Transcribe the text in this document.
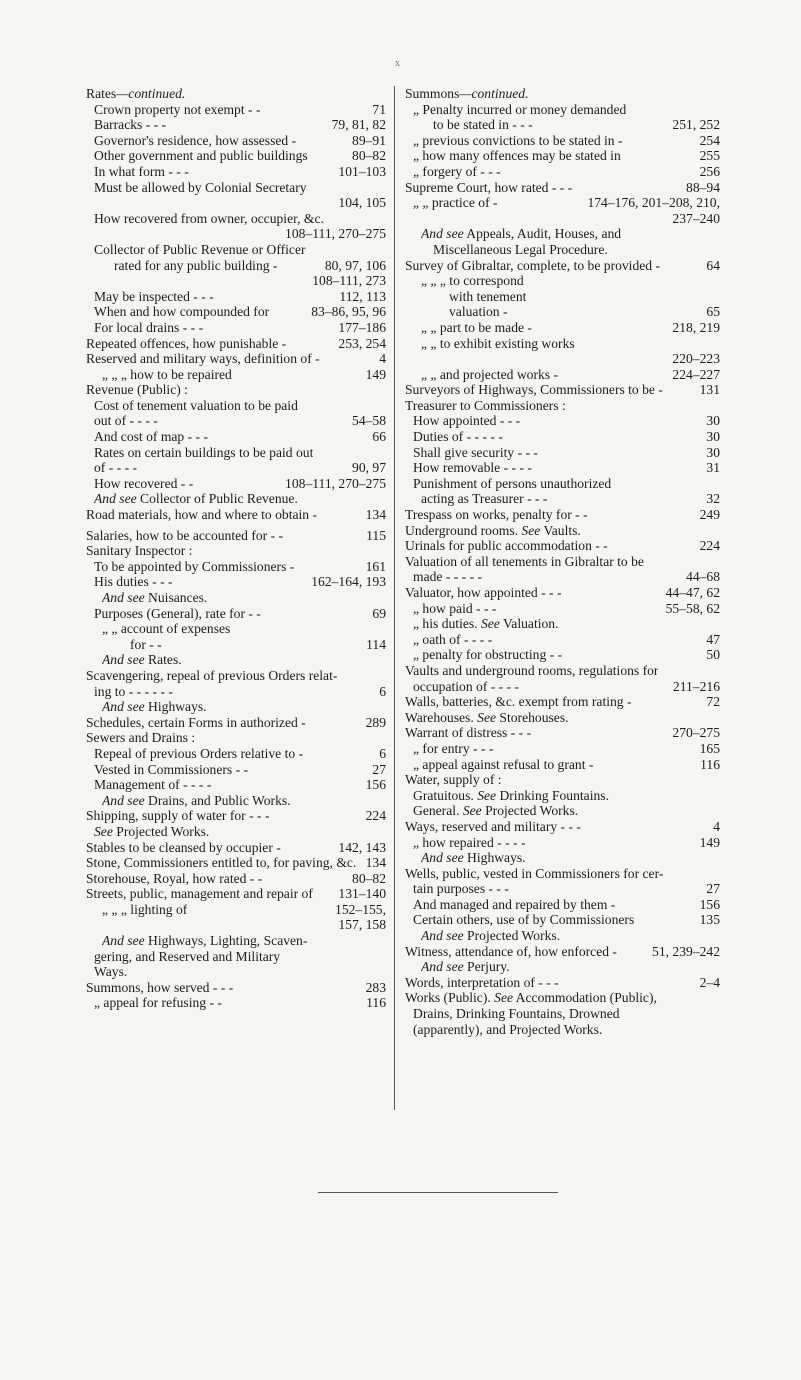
x
Rates—continued.
Crown property not exempt - -	71
Barracks - - -	79, 81, 82
Governor's residence, how assessed -	89–91
Other government and public buildings	80–82
In what form - - -	101–103
Must be allowed by Colonial Secretary
104, 105
How recovered from owner, occupier, &c.
108–111, 270–275
Collector of Public Revenue or Officer
rated for any public building -	80, 97, 106
108–111, 273
May be inspected - - -	112, 113
When and how compounded for	83–86, 95, 96
For local drains - - -	177–186
Repeated offences, how punishable -	253, 254
Reserved and military ways, definition of -	4
„ „ „ how to be repaired	149
Revenue (Public) :
Cost of tenement valuation to be paid
out of - - - -	54–58
And cost of map - - -	66
Rates on certain buildings to be paid out
of - - - -	90, 97
How recovered - -	108–111, 270–275
And see Collector of Public Revenue.
Road materials, how and where to obtain -	134
Salaries, how to be accounted for - -	115
Sanitary Inspector :
To be appointed by Commissioners -	161
His duties - - -	162–164, 193
And see Nuisances.
Purposes (General), rate for - -	69
„ „ account of expenses
for - -	114
And see Rates.
Scavengering, repeal of previous Orders relat-
ing to - - - - - -	6
And see Highways.
Schedules, certain Forms in authorized -	289
Sewers and Drains :
Repeal of previous Orders relative to -	6
Vested in Commissioners - -	27
Management of - - - -	156
And see Drains, and Public Works.
Shipping, supply of water for - - -	224
See Projected Works.
Stables to be cleansed by occupier -	142, 143
Stone, Commissioners entitled to, for paving, &c. 134
Storehouse, Royal, how rated - -	80–82
Streets, public, management and repair of 131–140
„ „ „ lighting of	152–155,
157, 158
And see Highways, Lighting, Scaven-
gering, and Reserved and Military
Ways.
Summons, how served - - -	283
„ appeal for refusing - -	116
Summons—continued.
„ Penalty incurred or money demanded
to be stated in - - -	251, 252
„ previous convictions to be stated in -	254
„ how many offences may be stated in	255
„ forgery of - - -	256
Supreme Court, how rated - - -	88–94
„ „ practice of -	174–176, 201–208, 210,
237–240
And see Appeals, Audit, Houses, and
Miscellaneous Legal Procedure.
Survey of Gibraltar, complete, to be provided -	64
„ „ „ to correspond
with tenement
valuation -	65
„ „ part to be made -	218, 219
„ „ to exhibit existing works
220–223
„ „ and projected works -	224–227
Surveyors of Highways, Commissioners to be -	131
Treasurer to Commissioners :
How appointed - - -	30
Duties of - - - - -	30
Shall give security - - -	30
How removable - - - -	31
Punishment of persons unauthorized
acting as Treasurer - - -	32
Trespass on works, penalty for - -	249
Underground rooms. See Vaults.
Urinals for public accommodation - -	224
Valuation of all tenements in Gibraltar to be
made - - - - -	44–68
Valuator, how appointed - - -	44–47, 62
„ how paid - - -	55–58, 62
„ his duties. See Valuation.
„ oath of - - - -	47
„ penalty for obstructing - -	50
Vaults and underground rooms, regulations for
occupation of - - - -	211–216
Walls, batteries, &c. exempt from rating -	72
Warehouses. See Storehouses.
Warrant of distress - - -	270–275
„ for entry - - -	165
„ appeal against refusal to grant -	116
Water, supply of :
Gratuitous. See Drinking Fountains.
General. See Projected Works.
Ways, reserved and military - - -	4
„ how repaired - - - -	149
And see Highways.
Wells, public, vested in Commissioners for cer-
tain purposes - - -	27
And managed and repaired by them -	156
Certain others, use of by Commissioners	135
And see Projected Works.
Witness, attendance of, how enforced -	51, 239–242
And see Perjury.
Words, interpretation of - - -	2–4
Works (Public). See Accommodation (Public),
Drains, Drinking Fountains, Drowned
(apparently), and Projected Works.
